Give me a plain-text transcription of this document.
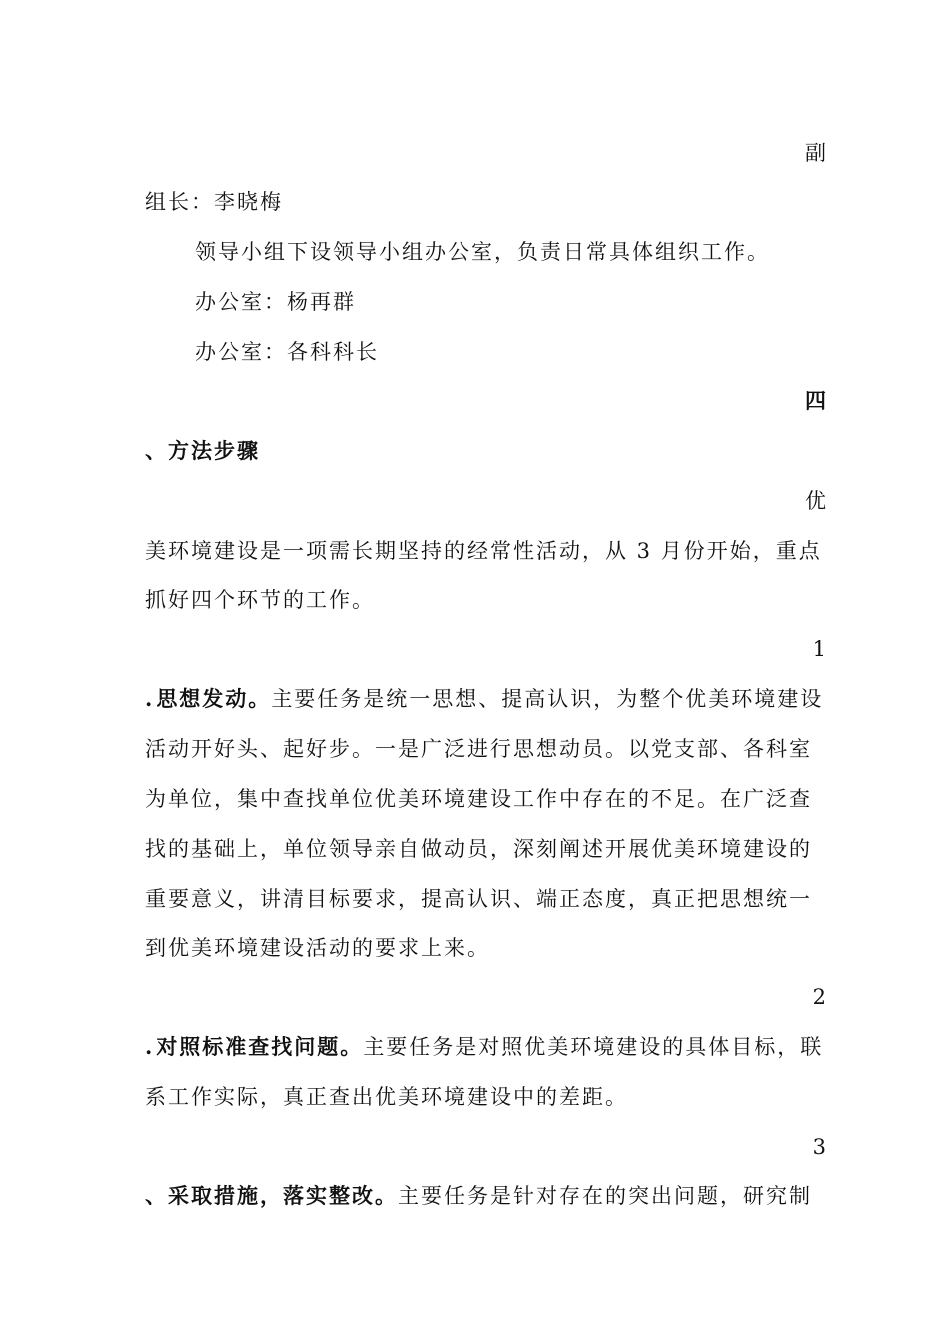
副
组长：李晓梅
领导小组下设领导小组办公室，负责日常具体组织工作。
办公室：杨再群
办公室：各科科长
四
、方法步骤
优
美环境建设是一项需长期坚持的经常性活动，从 3 月份开始，重点
抓好四个环节的工作。
1
.思想发动。主要任务是统一思想、提高认识，为整个优美环境建设
活动开好头、起好步。一是广泛进行思想动员。以党支部、各科室
为单位，集中查找单位优美环境建设工作中存在的不足。在广泛查
找的基础上，单位领导亲自做动员，深刻阐述开展优美环境建设的
重要意义，讲清目标要求，提高认识、端正态度，真正把思想统一
到优美环境建设活动的要求上来。
2
.对照标准查找问题。主要任务是对照优美环境建设的具体目标，联
系工作实际，真正查出优美环境建设中的差距。
3
、采取措施，落实整改。主要任务是针对存在的突出问题，研究制
